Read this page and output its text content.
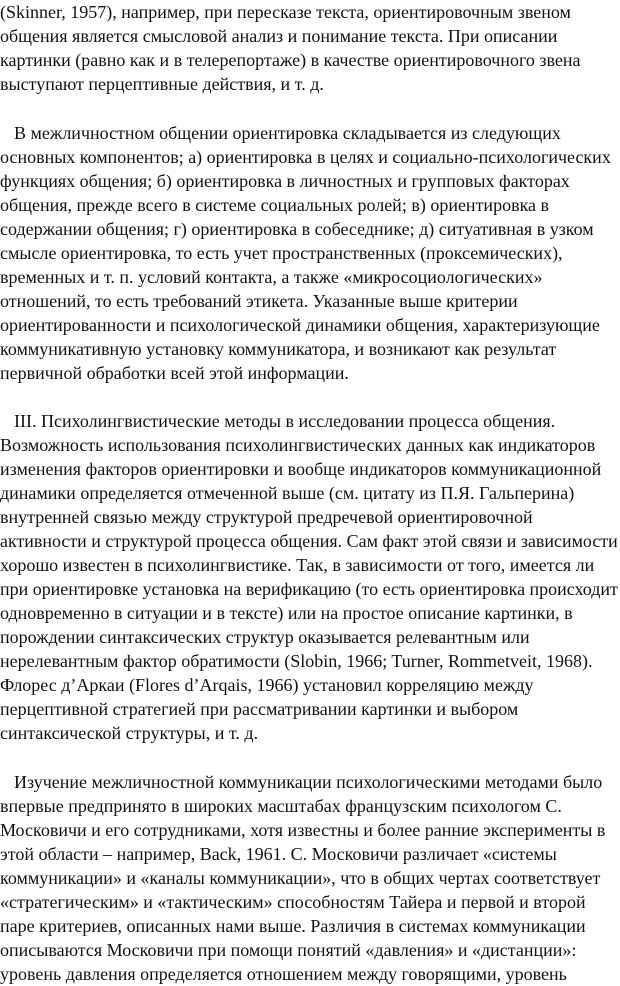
(Skinner, 1957), например, при пересказе текста, ориентировочным звеном
общения является смысловой анализ и понимание текста. При описании
картинки (равно как и в телерепортаже) в качестве ориентировочного звена
выступают перцептивные действия, и т. д.
В межличностном общении ориентировка складывается из следующих
основных компонентов; а) ориентировка в целях и социально-психологических
функциях общения; б) ориентировка в личностных и групповых факторах
общения, прежде всего в системе социальных ролей; в) ориентировка в
содержании общения; г) ориентировка в собеседнике; д) ситуативная в узком
смысле ориентировка, то есть учет пространственных (проксемических),
временных и т. п. условий контакта, а также «микросоциологических»
отношений, то есть требований этикета. Указанные выше критерии
ориентированности и психологической динамики общения, характеризующие
коммуникативную установку коммуникатора, и возникают как результат
первичной обработки всей этой информации.
III. Психолингвистические методы в исследовании процесса общения.
Возможность использования психолингвистических данных как индикаторов
изменения факторов ориентировки и вообще индикаторов коммуникационной
динамики определяется отмеченной выше (см. цитату из П.Я. Гальперина)
внутренней связью между структурой предречевой ориентировочной
активности и структурой процесса общения. Сам факт этой связи и зависимости
хорошо известен в психолингвистике. Так, в зависимости от того, имеется ли
при ориентировке установка на верификацию (то есть ориентировка происходит
одновременно в ситуации и в тексте) или на простое описание картинки, в
порождении синтаксических структур оказывается релевантным или
нерелевантным фактор обратимости (Slobin, 1966; Turner, Rommetveit, 1968).
Флорес д’Аркаи (Flores d’Arqais, 1966) установил корреляцию между
перцептивной стратегией при рассматривании картинки и выбором
синтаксической структуры, и т. д.
Изучение межличностной коммуникации психологическими методами было
впервые предпринято в широких масштабах французским психологом С.
Московичи и его сотрудниками, хотя известны и более ранние эксперименты в
этой области – например, Back, 1961. С. Московичи различает «системы
коммуникации» и «каналы коммуникации», что в общих чертах соответствует
«стратегическим» и «тактическим» способностям Тайера и первой и второй
паре критериев, описанных нами выше. Различия в системах коммуникации
описываются Московичи при помощи понятий «давления» и «дистанции»:
уровень давления определяется отношением между говорящими, уровень
